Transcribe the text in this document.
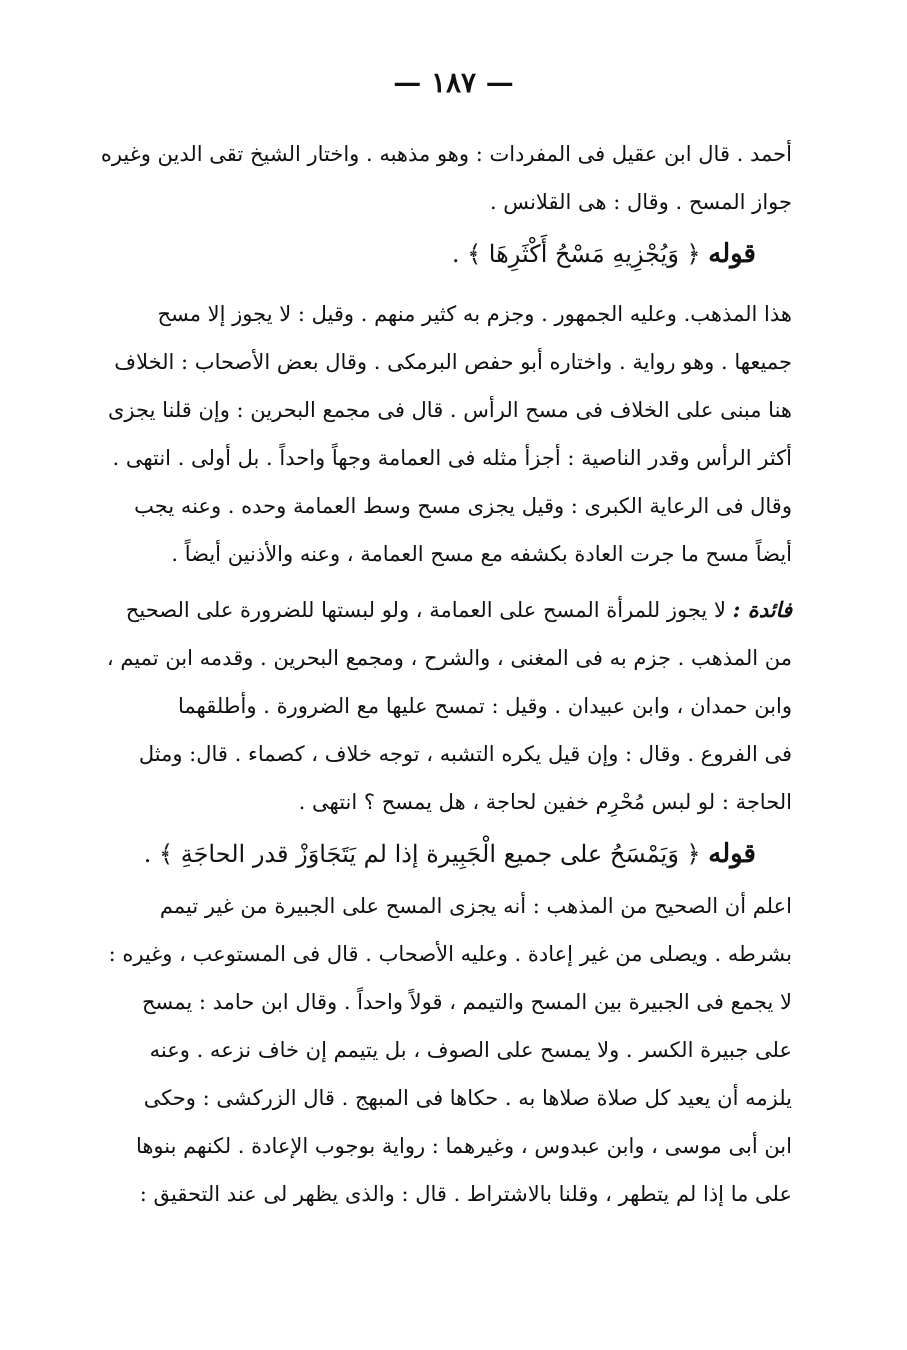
— ١٨٧ —
أحمد . قال ابن عقيل فى المفردات : وهو مذهبه . واختار الشيخ تقى الدين وغيره
جواز المسح . وقال : هى القلانس .
قوله ﴿ وَيُجْزِيهِ مَسْحُ أَكْثَرِهَا ﴾ .
هذا المذهب. وعليه الجمهور . وجزم به كثير منهم . وقيل : لا يجوز إلا مسح
جميعها . وهو رواية . واختاره أبو حفص البرمكى . وقال بعض الأصحاب : الخلاف
هنا مبنى على الخلاف فى مسح الرأس . قال فى مجمع البحرين : وإن قلنا يجزى
أكثر الرأس وقدر الناصية : أجزأ مثله فى العمامة وجهاً واحداً . بل أولى . انتهى .
وقال فى الرعاية الكبرى : وقيل يجزى مسح وسط العمامة وحده . وعنه يجب
أيضاً مسح ما جرت العادة بكشفه مع مسح العمامة ، وعنه والأذنين أيضاً .
فائدة : لا يجوز للمرأة المسح على العمامة ، ولو لبستها للضرورة على الصحيح
من المذهب . جزم به فى المغنى ، والشرح ، ومجمع البحرين . وقدمه ابن تميم ،
وابن حمدان ، وابن عبيدان . وقيل : تمسح عليها مع الضرورة . وأطلقهما
فى الفروع . وقال : وإن قيل يكره التشبه ، توجه خلاف ، كصماء . قال: ومثل
الحاجة : لو لبس مُحْرِم خفين لحاجة ، هل يمسح ؟ انتهى .
قوله ﴿ وَيَمْسَحُ على جميع الْجَبِيرة إذا لم يَتَجَاوَزْ قدر الحاجَةِ ﴾ .
اعلم أن الصحيح من المذهب : أنه يجزى المسح على الجبيرة من غير تيمم
بشرطه . ويصلى من غير إعادة . وعليه الأصحاب . قال فى المستوعب ، وغيره :
لا يجمع فى الجبيرة بين المسح والتيمم ، قولاً واحداً . وقال ابن حامد : يمسح
على جبيرة الكسر . ولا يمسح على الصوف ، بل يتيمم إن خاف نزعه . وعنه
يلزمه أن يعيد كل صلاة صلاها به . حكاها فى المبهج . قال الزركشى : وحكى
ابن أبى موسى ، وابن عبدوس ، وغيرهما : رواية بوجوب الإعادة . لكنهم بنوها
على ما إذا لم يتطهر ، وقلنا بالاشتراط . قال : والذى يظهر لى عند التحقيق :
